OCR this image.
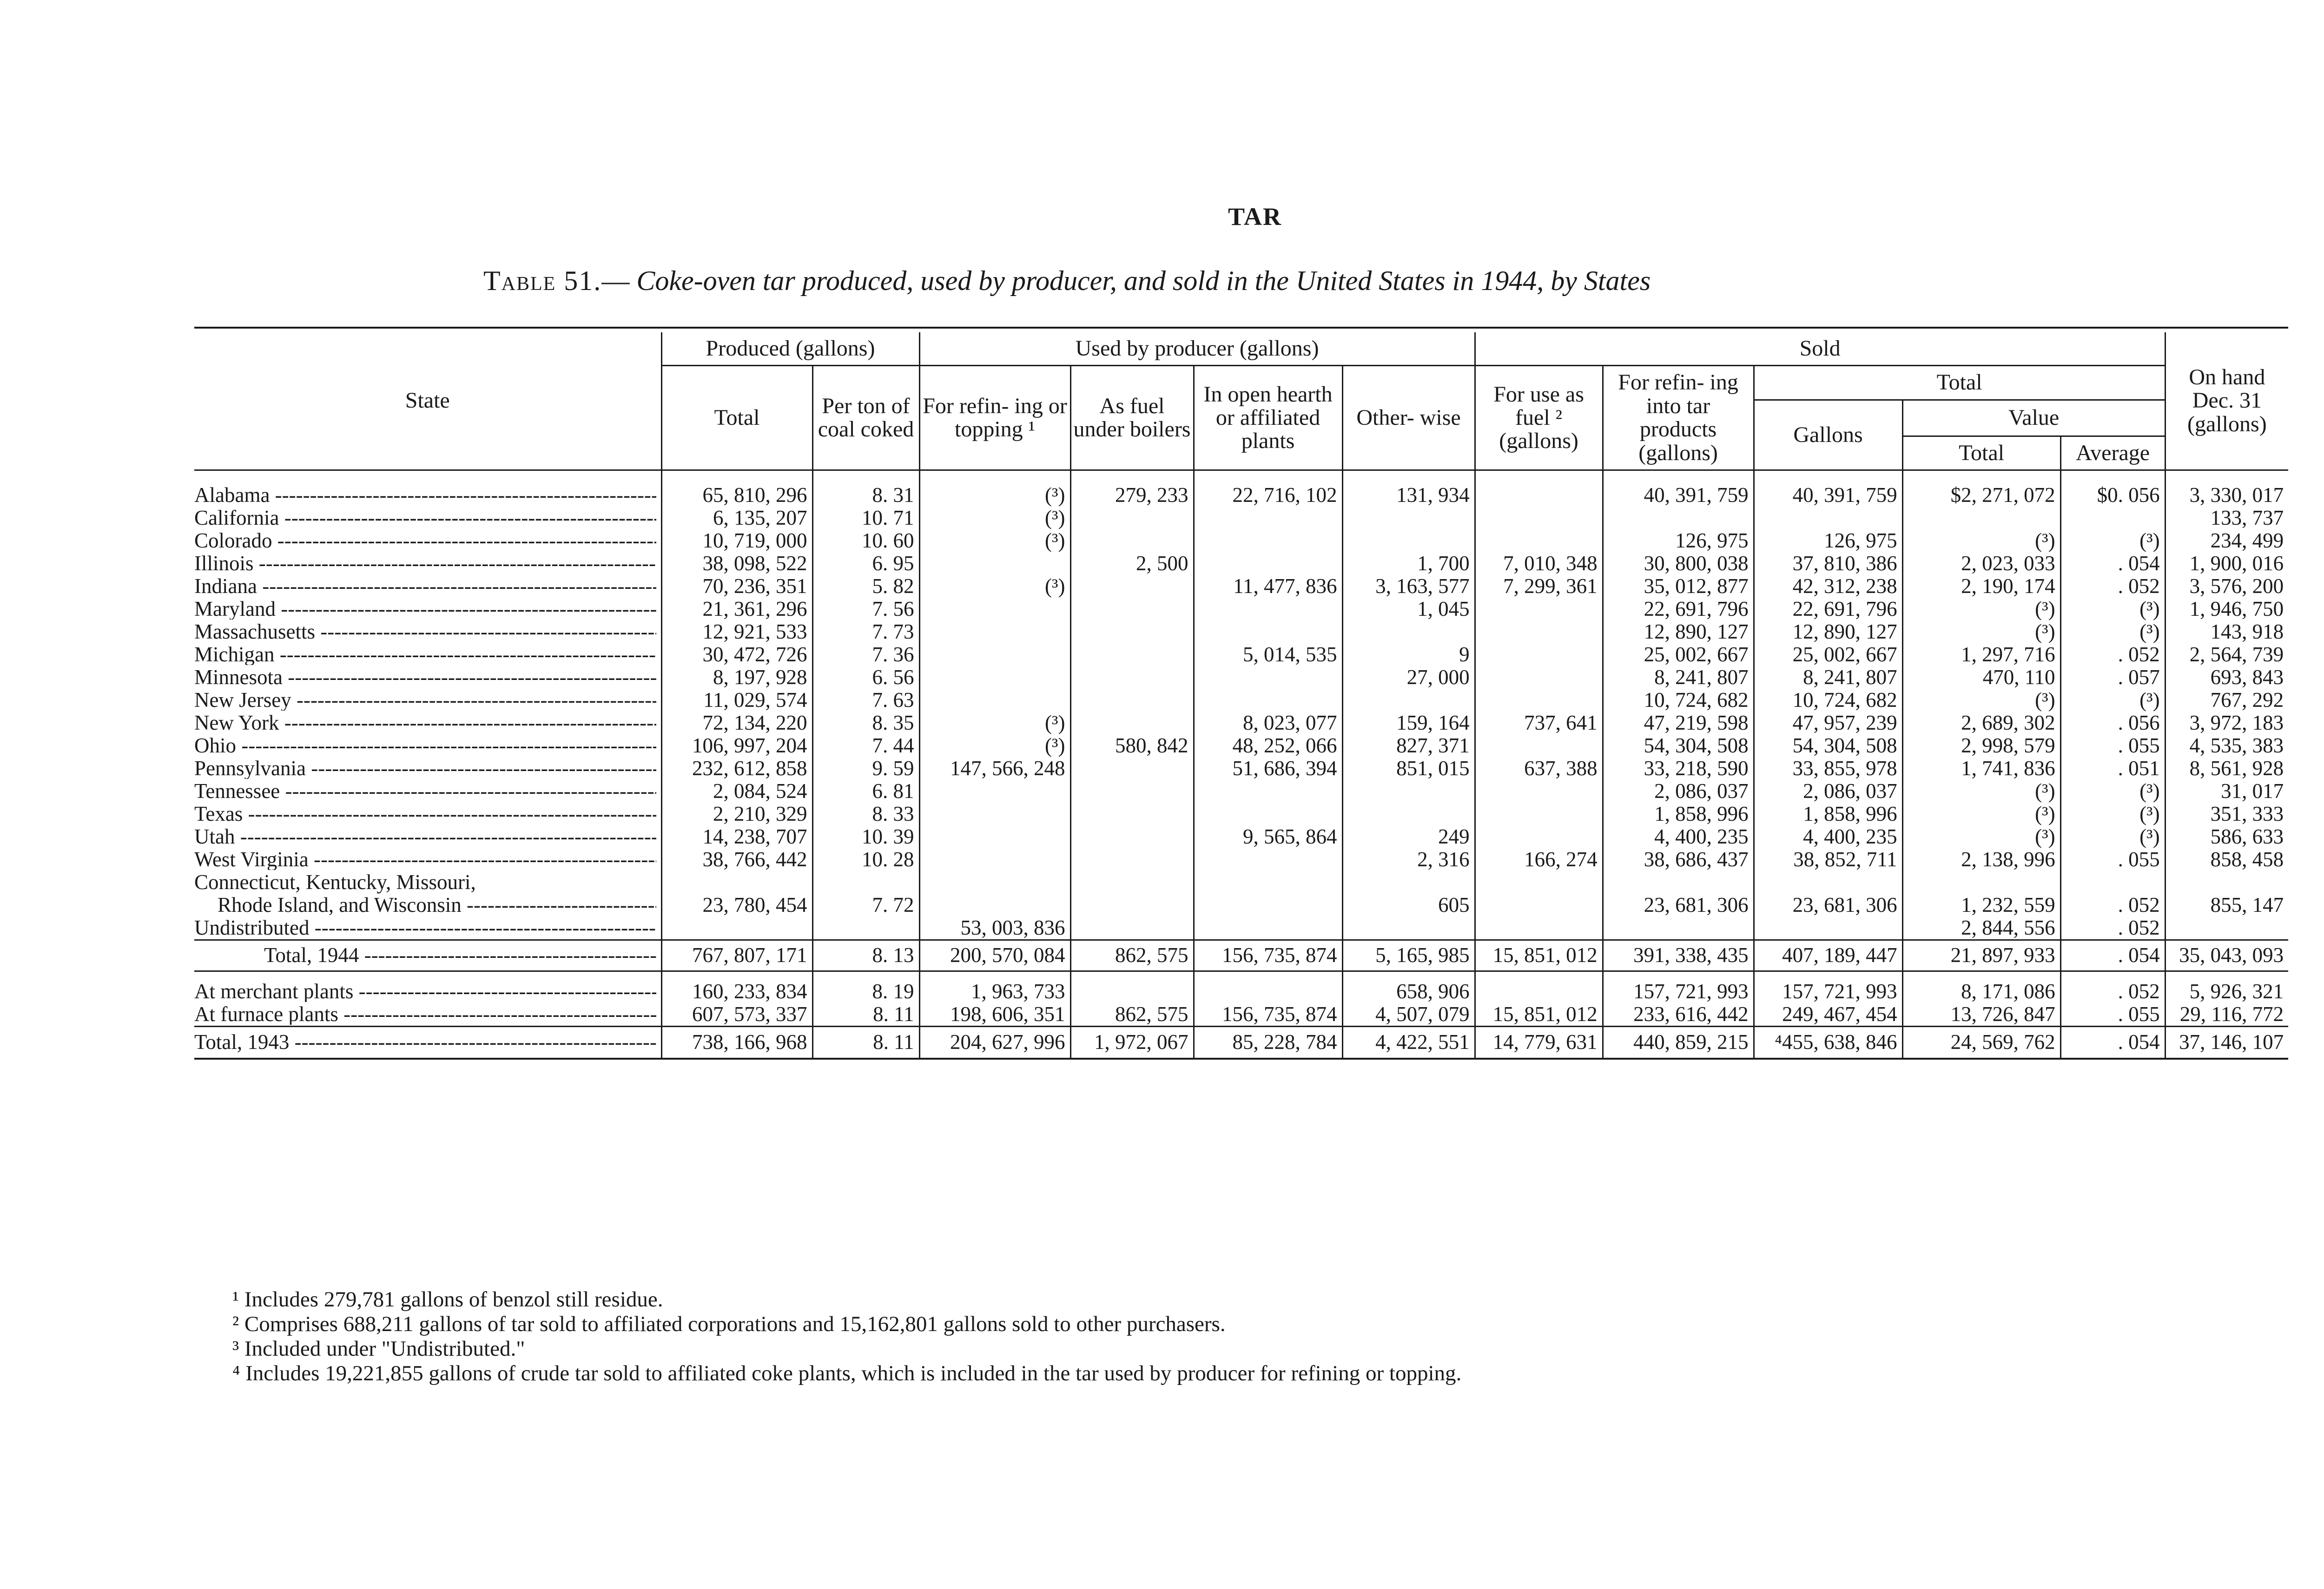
TAR
Table 51.— Coke-oven tar produced, used by producer, and sold in the United States in 1944, by States
State	Produced (gallons)		Used by producer (gallons)				Sold					On hand Dec. 31 (gallons)
	Total	Per ton of coal coked	For refin- ing or topping ¹	As fuel under boilers	In open hearth or affiliated plants	Other- wise	For use as fuel ² (gallons)	For refin- ing into tar products (gallons)	Total			
									Gallons	Value		
										Total	Average	

Alabama -----	65, 810, 296	8. 31	(³)	279, 233	22, 716, 102	131, 934		40, 391, 759	40, 391, 759	$2, 271, 072	$0. 056	3, 330, 017

California -----	6, 135, 207	10. 71	(³)									133, 737

Colorado -----	10, 719, 000	10. 60	(³)					126, 975	126, 975	(³)	(³)	234, 499

Illinois -----	38, 098, 522	6. 95		2, 500		1, 700	7, 010, 348	30, 800, 038	37, 810, 386	2, 023, 033	. 054	1, 900, 016

Indiana -----	70, 236, 351	5. 82	(³)		11, 477, 836	3, 163, 577	7, 299, 361	35, 012, 877	42, 312, 238	2, 190, 174	. 052	3, 576, 200

Maryland -----	21, 361, 296	7. 56				1, 045		22, 691, 796	22, 691, 796	(³)	(³)	1, 946, 750

Massachusetts -----	12, 921, 533	7. 73						12, 890, 127	12, 890, 127	(³)	(³)	143, 918

Michigan -----	30, 472, 726	7. 36			5, 014, 535	9		25, 002, 667	25, 002, 667	1, 297, 716	. 052	2, 564, 739

Minnesota -----	8, 197, 928	6. 56				27, 000		8, 241, 807	8, 241, 807	470, 110	. 057	693, 843

New Jersey -----	11, 029, 574	7. 63						10, 724, 682	10, 724, 682	(³)	(³)	767, 292

New York -----	72, 134, 220	8. 35	(³)		8, 023, 077	159, 164	737, 641	47, 219, 598	47, 957, 239	2, 689, 302	. 056	3, 972, 183

Ohio -----	106, 997, 204	7. 44	(³)	580, 842	48, 252, 066	827, 371		54, 304, 508	54, 304, 508	2, 998, 579	. 055	4, 535, 383

Pennsylvania -----	232, 612, 858	9. 59	147, 566, 248		51, 686, 394	851, 015	637, 388	33, 218, 590	33, 855, 978	1, 741, 836	. 051	8, 561, 928

Tennessee -----	2, 084, 524	6. 81						2, 086, 037	2, 086, 037	(³)	(³)	31, 017

Texas -----	2, 210, 329	8. 33						1, 858, 996	1, 858, 996	(³)	(³)	351, 333

Utah -----	14, 238, 707	10. 39			9, 565, 864	249		4, 400, 235	4, 400, 235	(³)	(³)	586, 633

West Virginia -----	38, 766, 442	10. 28				2, 316	166, 274	38, 686, 437	38, 852, 711	2, 138, 996	. 055	858, 458
Connecticut, Kentucky, Missouri,												

Rhode Island, and Wisconsin -----	23, 780, 454	7. 72				605		23, 681, 306	23, 681, 306	1, 232, 559	. 052	855, 147

Undistributed -----			53, 003, 836							2, 844, 556	. 052	

Total, 1944 -----	767, 807, 171	8. 13	200, 570, 084	862, 575	156, 735, 874	5, 165, 985	15, 851, 012	391, 338, 435	407, 189, 447	21, 897, 933	. 054	35, 043, 093

At merchant plants -----	160, 233, 834	8. 19	1, 963, 733			658, 906		157, 721, 993	157, 721, 993	8, 171, 086	. 052	5, 926, 321

At furnace plants -----	607, 573, 337	8. 11	198, 606, 351	862, 575	156, 735, 874	4, 507, 079	15, 851, 012	233, 616, 442	249, 467, 454	13, 726, 847	. 055	29, 116, 772

Total, 1943 -----	738, 166, 968	8. 11	204, 627, 996	1, 972, 067	85, 228, 784	4, 422, 551	14, 779, 631	440, 859, 215	⁴455, 638, 846	24, 569, 762	. 054	37, 146, 107
¹ Includes 279,781 gallons of benzol still residue.
² Comprises 688,211 gallons of tar sold to affiliated corporations and 15,162,801 gallons sold to other purchasers.
³ Included under "Undistributed."
⁴ Includes 19,221,855 gallons of crude tar sold to affiliated coke plants, which is included in the tar used by producer for refining or topping.
